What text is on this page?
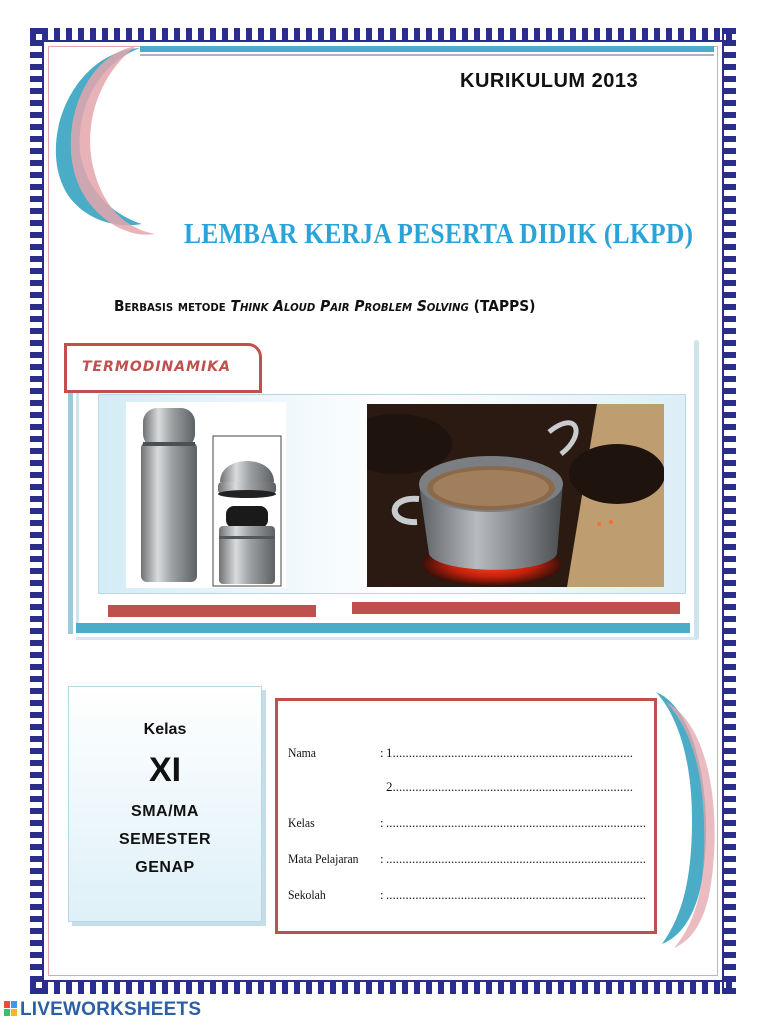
KURIKULUM 2013
LEMBAR KERJA PESERTA DIDIK (LKPD)
Berbasis metode Think Aloud Pair Problem Solving (TAPPS)
TERMODINAMIKA
Kelas
XI
SMA/MA
SEMESTER
GENAP
Nama	: 1..........................................................................
2..........................................................................
Kelas	: ................................................................................
Mata Pelajaran	: ................................................................................
Sekolah	: ................................................................................
LIVEWORKSHEETS
